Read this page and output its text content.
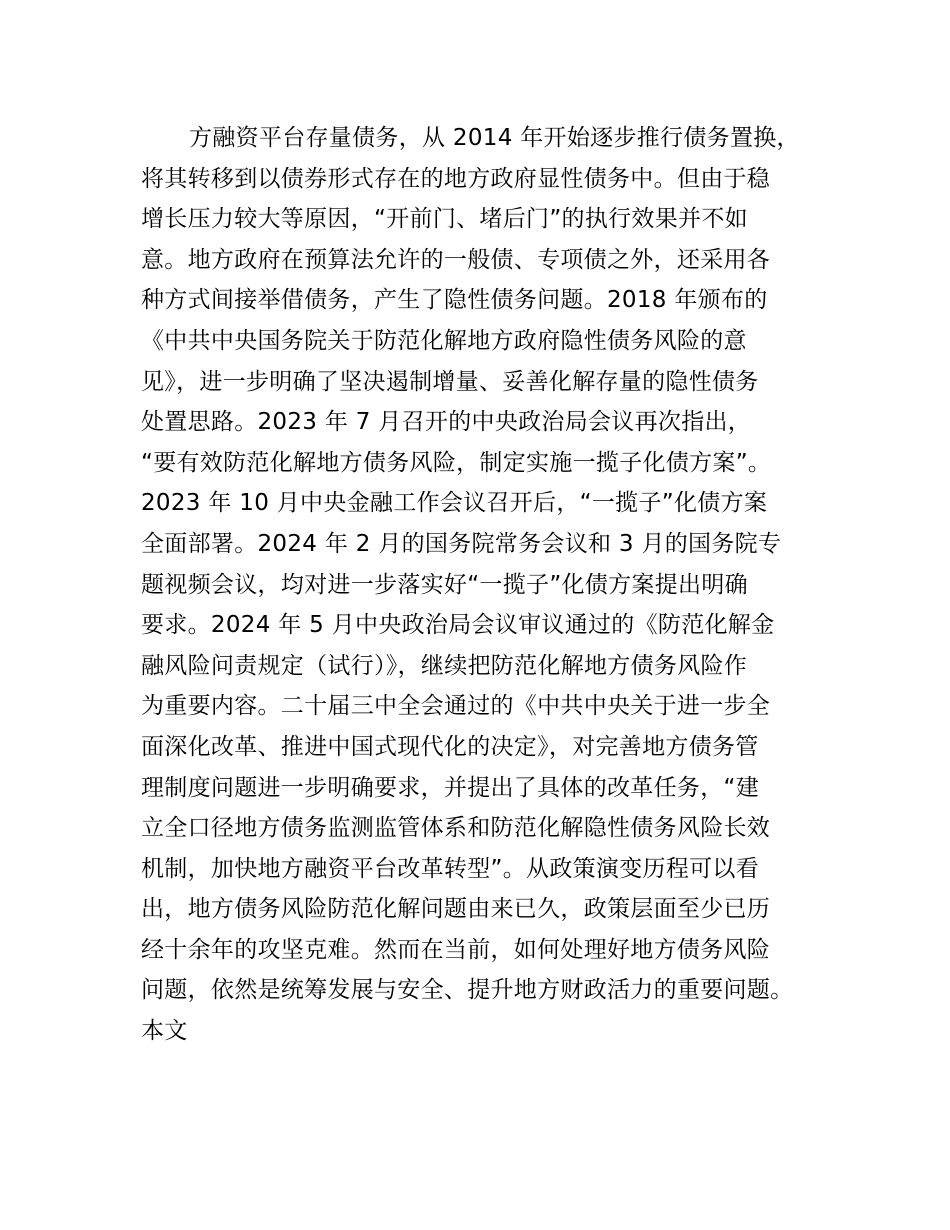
方融资平台存量债务，从 2014 年开始逐步推行债务置换，
将其转移到以债券形式存在的地方政府显性债务中。但由于稳
增长压力较大等原因，“开前门、堵后门”的执行效果并不如
意。地方政府在预算法允许的一般债、专项债之外，还采用各
种方式间接举借债务，产生了隐性债务问题。2018 年颁布的
《中共中央国务院关于防范化解地方政府隐性债务风险的意
见》，进一步明确了坚决遏制增量、妥善化解存量的隐性债务
处置思路。2023 年 7 月召开的中央政治局会议再次指出，
“要有效防范化解地方债务风险，制定实施一揽子化债方案”。
2023 年 10 月中央金融工作会议召开后，“一揽子”化债方案
全面部署。2024 年 2 月的国务院常务会议和 3 月的国务院专
题视频会议，均对进一步落实好“一揽子”化债方案提出明确
要求。2024 年 5 月中央政治局会议审议通过的《防范化解金
融风险问责规定（试行）》，继续把防范化解地方债务风险作
为重要内容。二十届三中全会通过的《中共中央关于进一步全
面深化改革、推进中国式现代化的决定》，对完善地方债务管
理制度问题进一步明确要求，并提出了具体的改革任务，“建
立全口径地方债务监测监管体系和防范化解隐性债务风险长效
机制，加快地方融资平台改革转型”。从政策演变历程可以看
出，地方债务风险防范化解问题由来已久，政策层面至少已历
经十余年的攻坚克难。然而在当前，如何处理好地方债务风险
问题，依然是统筹发展与安全、提升地方财政活力的重要问题。
本文
